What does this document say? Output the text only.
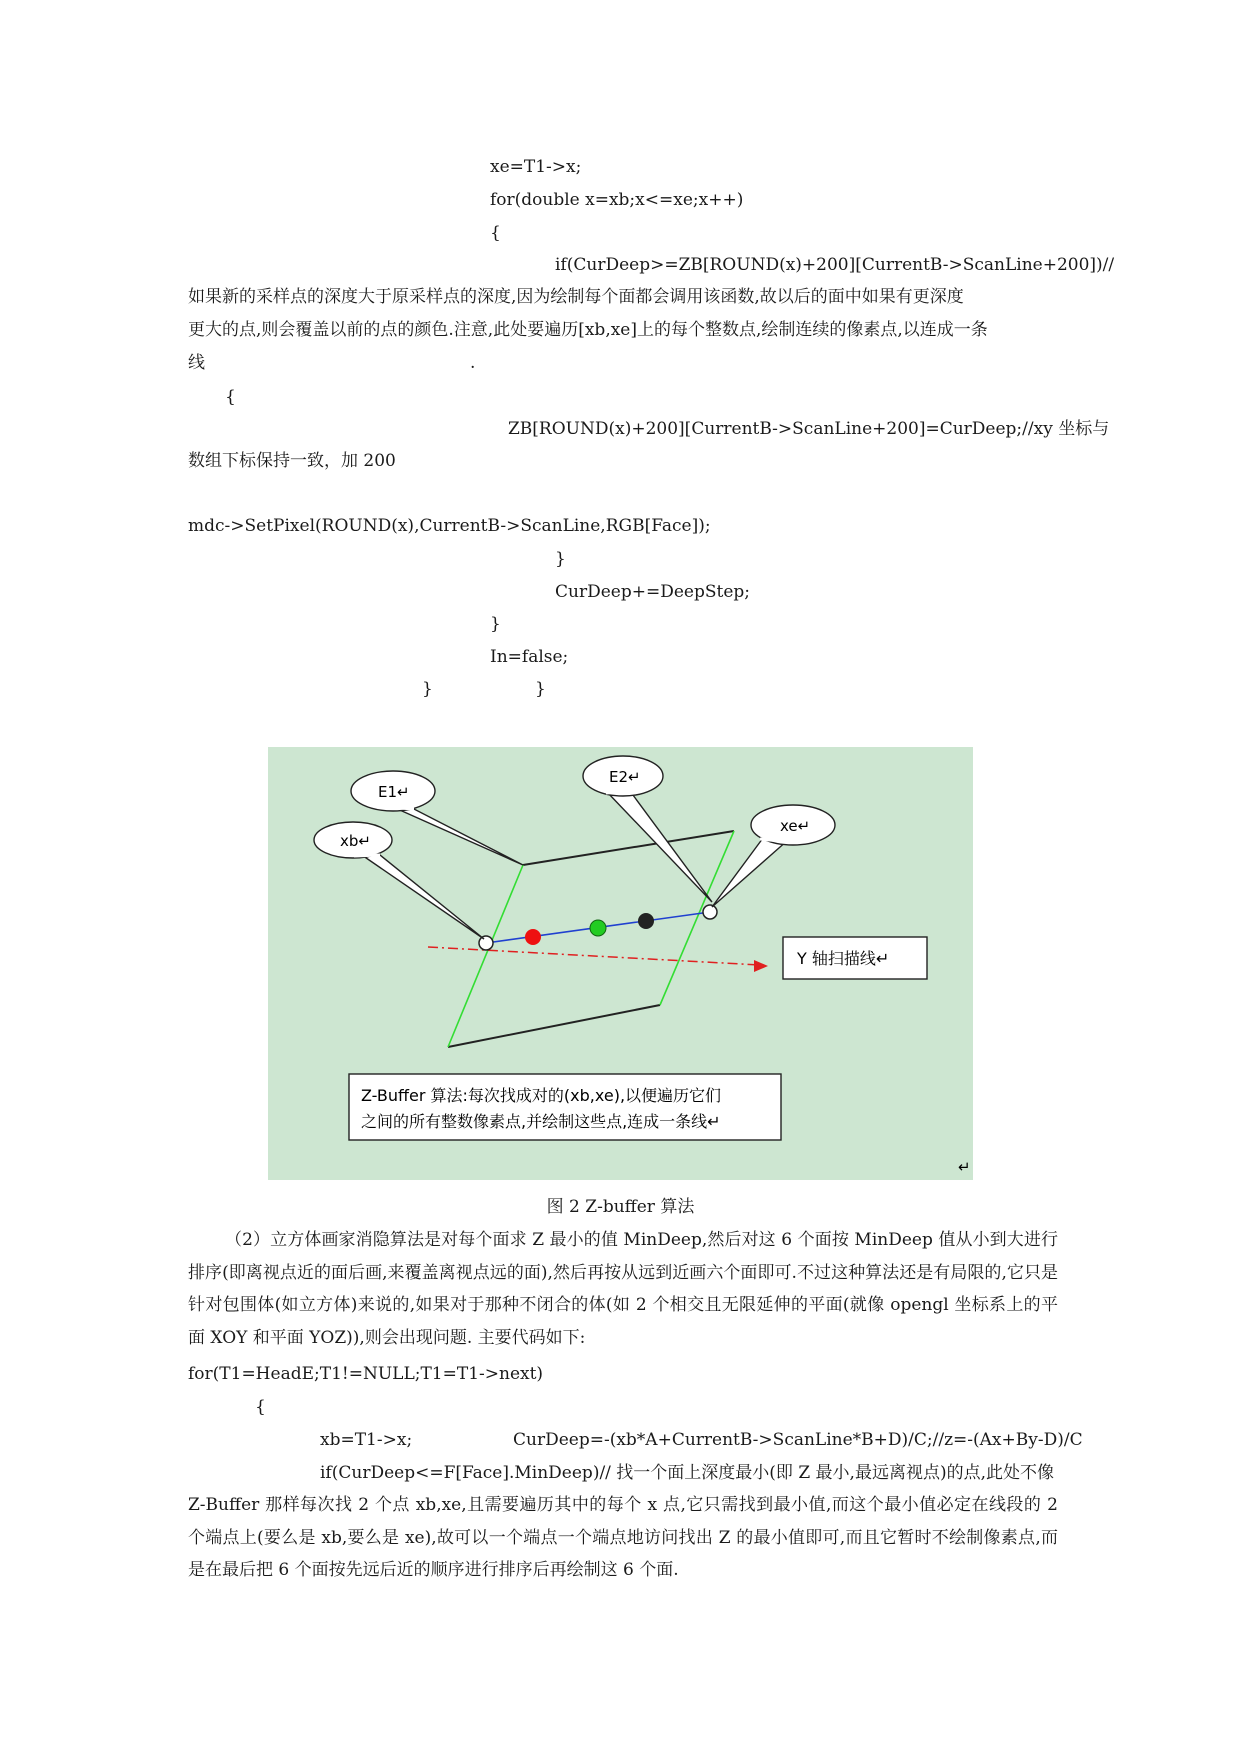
xe=T1->x;
for(double x=xb;x<=xe;x++)
{
if(CurDeep>=ZB[ROUND(x)+200][CurrentB->ScanLine+200])//
如果新的采样点的深度大于原采样点的深度,因为绘制每个面都会调用该函数,故以后的面中如果有更深度
更大的点,则会覆盖以前的点的颜色.注意,此处要遍历[xb,xe]上的每个整数点,绘制连续的像素点,以连成一条
线	.
{
ZB[ROUND(x)+200][CurrentB->ScanLine+200]=CurDeep;//xy 坐标与
数组下标保持一致，加 200
mdc->SetPixel(ROUND(x),CurrentB->ScanLine,RGB[Face]);
}
CurDeep+=DeepStep;
}
In=false;
}	}
E1↵
E2↵
xb↵
xe↵
Y 轴扫描线↵
Z-Buffer 算法:每次找成对的(xb,xe),以便遍历它们
之间的所有整数像素点,并绘制这些点,连成一条线↵
↵
图 2 Z-buffer 算法
（2）立方体画家消隐算法是对每个面求 Z 最小的值 MinDeep,然后对这 6 个面按 MinDeep 值从小到大进行排序(即离视点近的面后画,来覆盖离视点远的面),然后再按从远到近画六个面即可.不过这种算法还是有局限的,它只是针对包围体(如立方体)来说的,如果对于那种不闭合的体(如 2 个相交且无限延伸的平面(就像 opengl 坐标系上的平面 XOY 和平面 YOZ)),则会出现问题. 主要代码如下:
for(T1=HeadE;T1!=NULL;T1=T1->next)
{
xb=T1->x;	CurDeep=-(xb*A+CurrentB->ScanLine*B+D)/C;//z=-(Ax+By-D)/C
if(CurDeep<=F[Face].MinDeep)// 找一个面上深度最小(即 Z 最小,最远离视点)的点,此处不像
Z-Buffer 那样每次找 2 个点 xb,xe,且需要遍历其中的每个 x 点,它只需找到最小值,而这个最小值必定在线段的 2 个端点上(要么是 xb,要么是 xe),故可以一个端点一个端点地访问找出 Z 的最小值即可,而且它暂时不绘制像素点,而是在最后把 6 个面按先远后近的顺序进行排序后再绘制这 6 个面.
